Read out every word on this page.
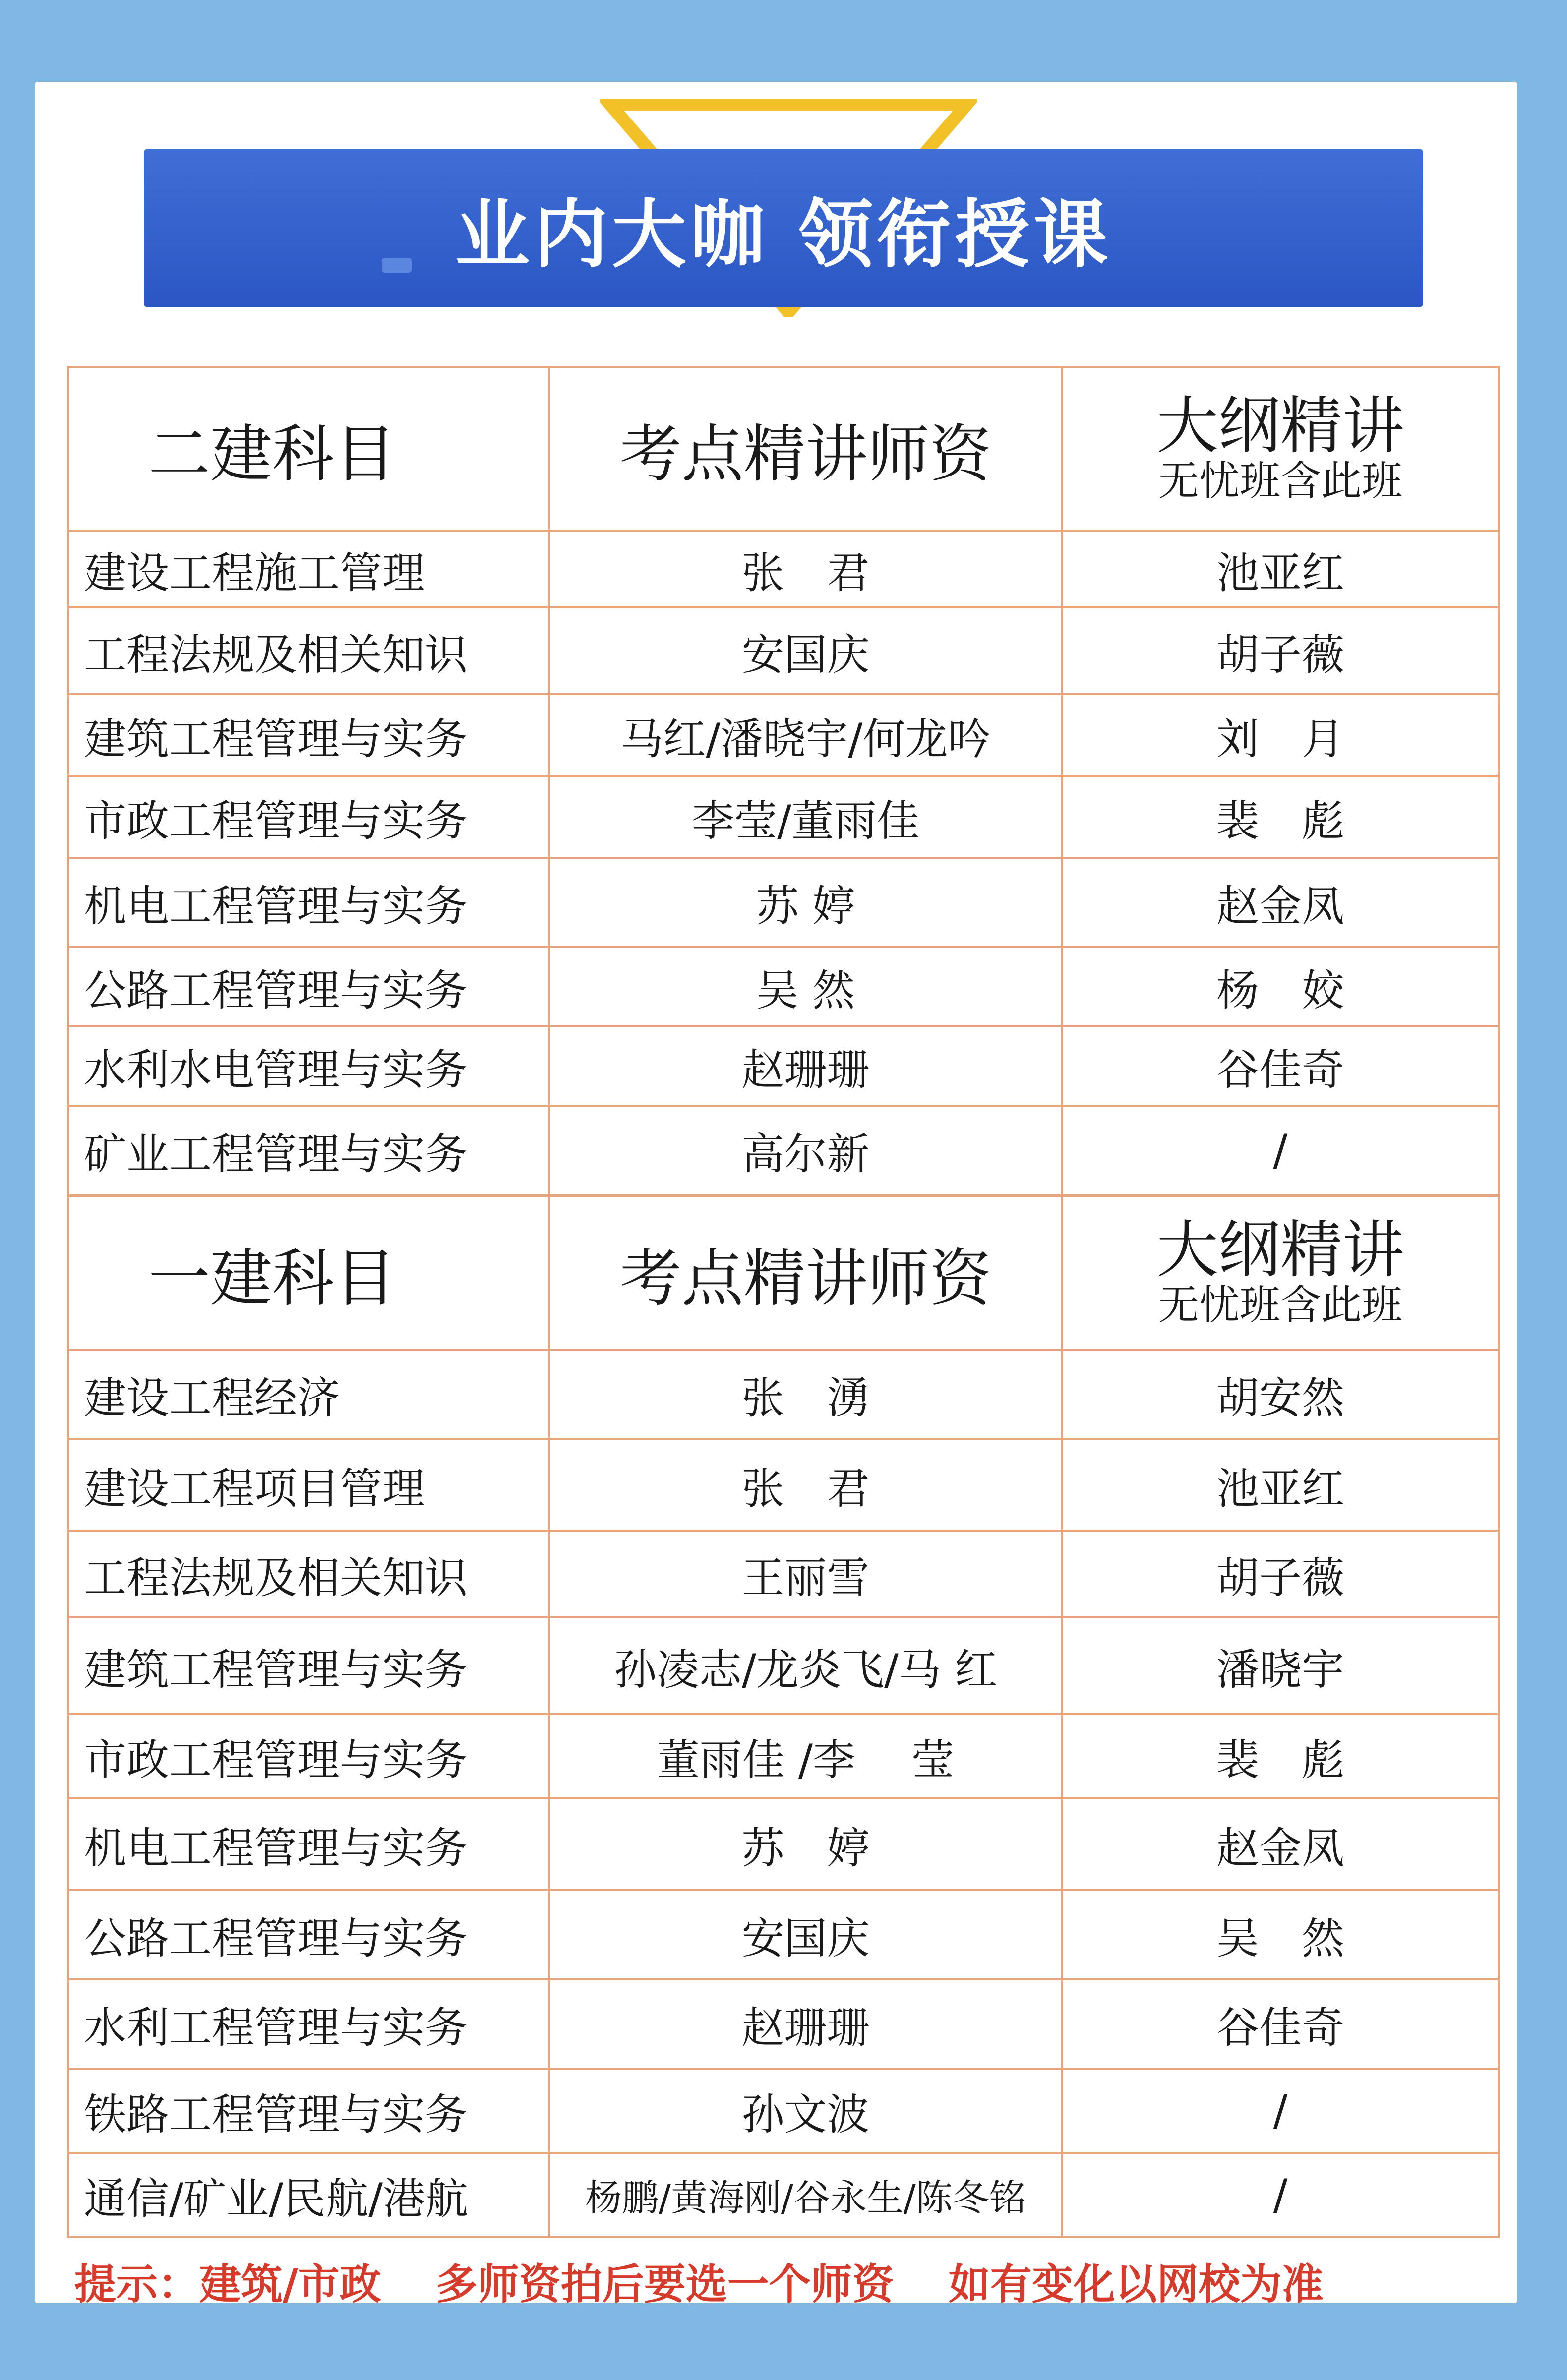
业内大咖 领衔授课
二建科目	考点精讲师资	大纲精讲
无忧班含此班

建设工程施工管理	张　君	池亚红
工程法规及相关知识	安国庆	胡子薇
建筑工程管理与实务	马红/潘晓宇/何龙吟	刘　月
市政工程管理与实务	李莹/董雨佳	裴　彪
机电工程管理与实务	苏 婷	赵金凤
公路工程管理与实务	吴 然	杨　姣
水利水电管理与实务	赵珊珊	谷佳奇
矿业工程管理与实务	高尔新	/
一建科目	考点精讲师资	大纲精讲
无忧班含此班

建设工程经济	张　湧	胡安然
建设工程项目管理	张　君	池亚红
工程法规及相关知识	王丽雪	胡子薇
建筑工程管理与实务	孙凌志/龙炎飞/马 红	潘晓宇
市政工程管理与实务	董雨佳 /李　 莹	裴　彪
机电工程管理与实务	苏　婷	赵金凤
公路工程管理与实务	安国庆	吴　然
水利工程管理与实务	赵珊珊	谷佳奇
铁路工程管理与实务	孙文波	/
通信/矿业/民航/港航	杨鹏/黄海刚/谷永生/陈冬铭	/
提示：建筑/市政 多师资拍后要选一个师资 如有变化以网校为准
